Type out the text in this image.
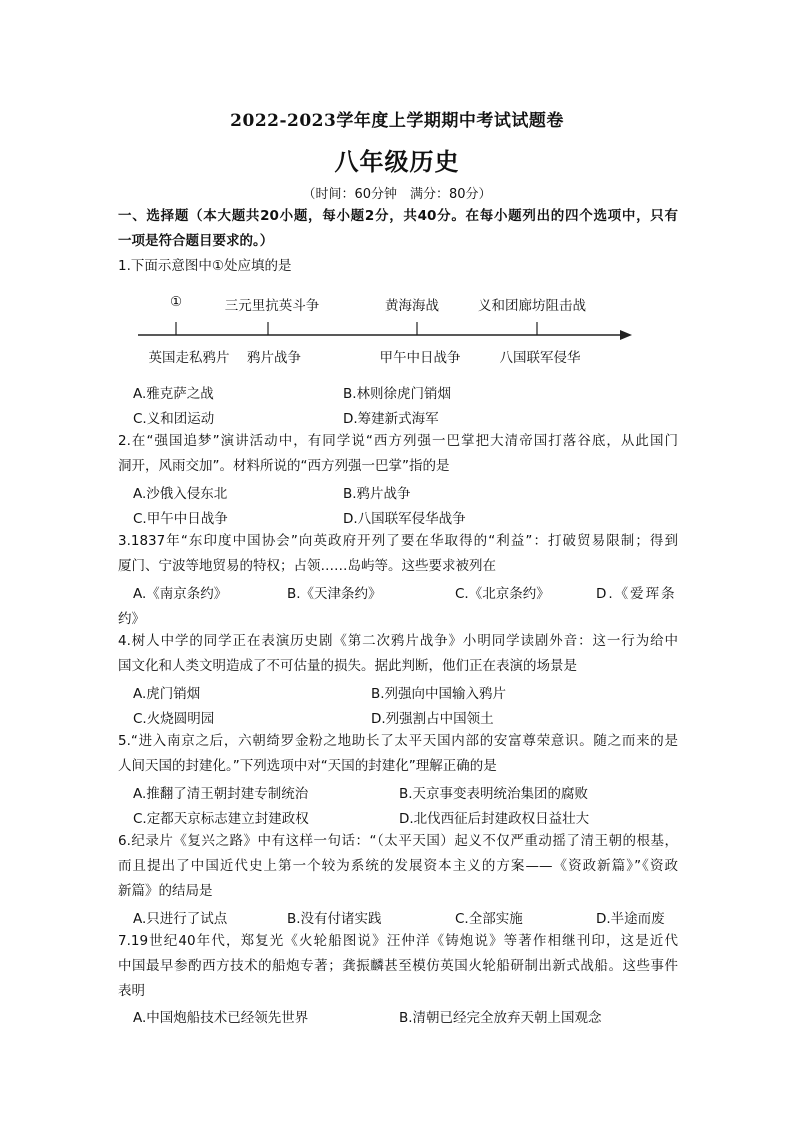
2022-2023学年度上学期期中考试试题卷
八年级历史
（时间：60分钟　满分：80分）
一、选择题（本大题共20小题，每小题2分，共40分。在每小题列出的四个选项中，只有
一项是符合题目要求的。）
1.下面示意图中①处应填的是
①	三元里抗英斗争	黄海海战	义和团廊坊阻击战
英国走私鸦片 鸦片战争	甲午中日战争	八国联军侵华
A.雅克萨之战	B.林则徐虎门销烟
C.义和团运动	D.筹建新式海军
2.在“强国追梦”演讲活动中，有同学说“西方列强一巴掌把大清帝国打落谷底，从此国门
洞开，风雨交加”。材料所说的“西方列强一巴掌”指的是
A.沙俄入侵东北	B.鸦片战争
C.甲午中日战争	D.八国联军侵华战争
3.1837年“东印度中国协会”向英政府开列了要在华取得的“利益”：打破贸易限制；得到
厦门、宁波等地贸易的特权；占领……岛屿等。这些要求被列在
A.《南京条约》	B.《天津条约》	C.《北京条约》	D.《爱珲条
约》
4.树人中学的同学正在表演历史剧《第二次鸦片战争》小明同学读剧外音：这一行为给中
国文化和人类文明造成了不可估量的损失。据此判断，他们正在表演的场景是
A.虎门销烟	B.列强向中国输入鸦片
C.火烧圆明园	D.列强割占中国领土
5.“进入南京之后，六朝绮罗金粉之地助长了太平天国内部的安富尊荣意识。随之而来的是
人间天国的封建化。”下列选项中对“天国的封建化”理解正确的是
A.推翻了清王朝封建专制统治	B.天京事变表明统治集团的腐败
C.定都天京标志建立封建政权	D.北伐西征后封建政权日益壮大
6.纪录片《复兴之路》中有这样一句话：“（太平天国）起义不仅严重动摇了清王朝的根基，
而且提出了中国近代史上第一个较为系统的发展资本主义的方案——《资政新篇》”《资政
新篇》的结局是
A.只进行了试点	B.没有付诸实践	C.全部实施	D.半途而废
7.19世纪40年代，郑复光《火轮船图说》汪仲洋《铸炮说》等著作相继刊印，这是近代
中国最早参酌西方技术的船炮专著；龚振麟甚至模仿英国火轮船研制出新式战船。这些事件
表明
A.中国炮船技术已经领先世界	B.清朝已经完全放弃天朝上国观念
